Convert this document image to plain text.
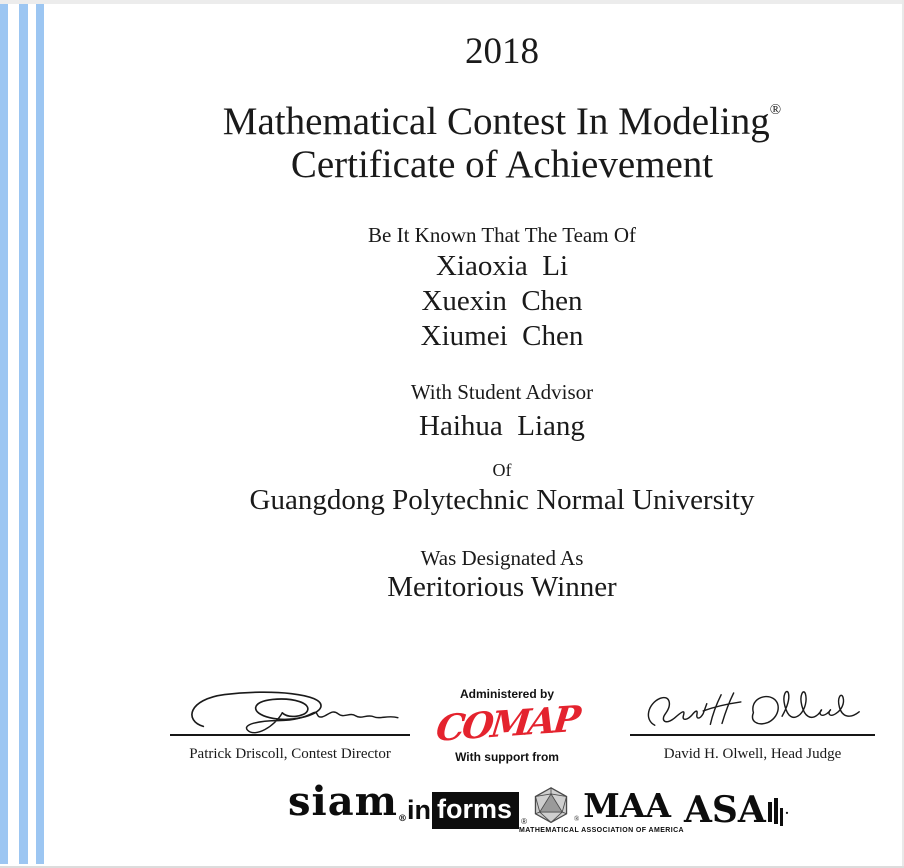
2018
Mathematical Contest In Modeling®
Certificate of Achievement
Be It Known That The Team Of
Xiaoxia  Li
Xuexin  Chen
Xiumei  Chen
With Student Advisor
Haihua  Liang
Of
Guangdong Polytechnic Normal University
Was Designated As
Meritorious Winner
Patrick Driscoll, Contest Director
Administered by
COMAP
With support from	David H. Olwell, Head Judge
siam® in forms	®	® MAA
MATHEMATICAL ASSOCIATION OF AMERICA ASA .
